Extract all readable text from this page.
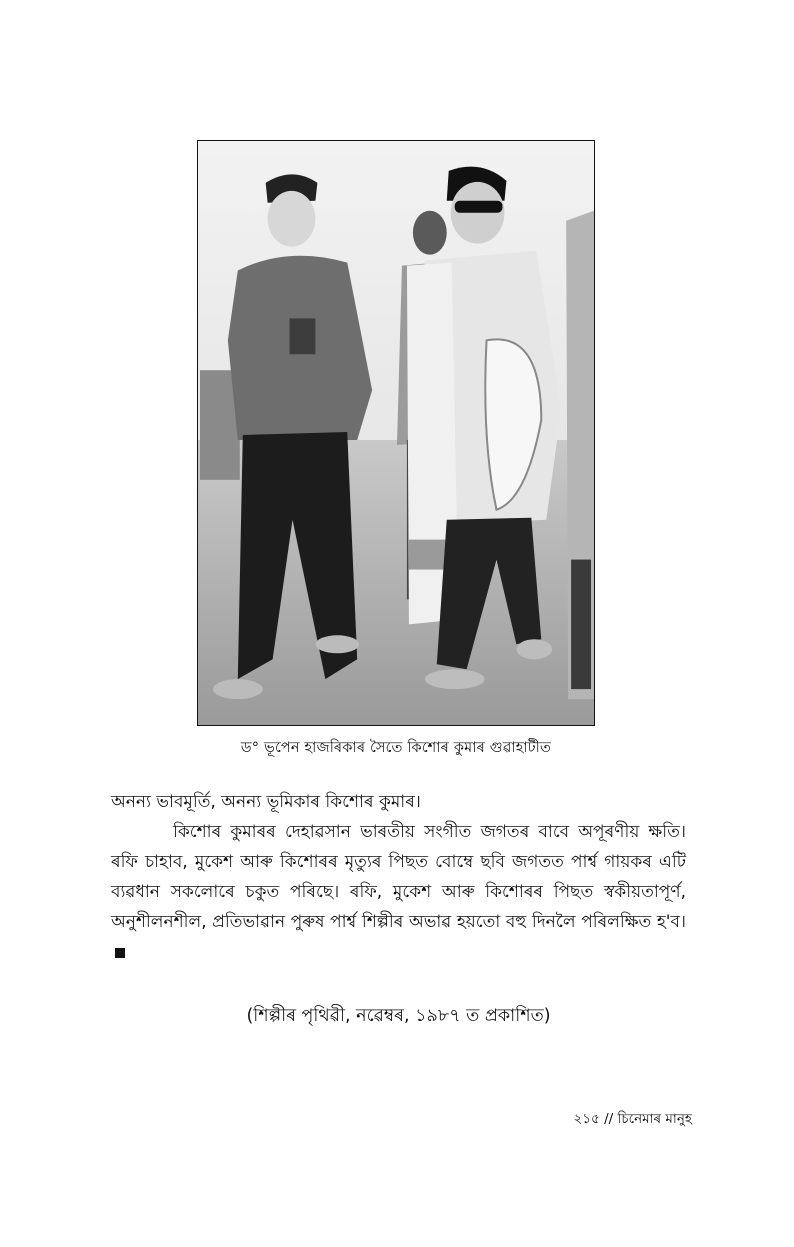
ড° ভূপেন হাজৰিকাৰ সৈতে কিশোৰ কুমাৰ গুৱাহাটীত
অনন্য ভাবমূৰ্তি, অনন্য ভূমিকাৰ কিশোৰ কুমাৰ।
কিশোৰ কুমাৰৰ দেহাৱসান ভাৰতীয় সংগীত জগতৰ বাবে অপূৰণীয় ক্ষতি। ৰফি চাহাব, মুকেশ আৰু কিশোৰৰ মৃত্যুৰ পিছত বোম্বে ছবি জগতত পাৰ্শ্ব গায়কৰ এটি ব্যৱধান সকলোৰে চকুত পৰিছে। ৰফি, মুকেশ আৰু কিশোৰৰ পিছত স্বকীয়তাপূৰ্ণ, অনুশীলনশীল, প্ৰতিভাৱান পুৰুষ পাৰ্শ্ব শিল্পীৰ অভাৱ হয়তো বহু দিনলৈ পৰিলক্ষিত হ'ব।
(শিল্পীৰ পৃথিৱী, নৱেম্বৰ, ১৯৮৭ ত প্ৰকাশিত)
২১৫ // চিনেমাৰ মানুহ
